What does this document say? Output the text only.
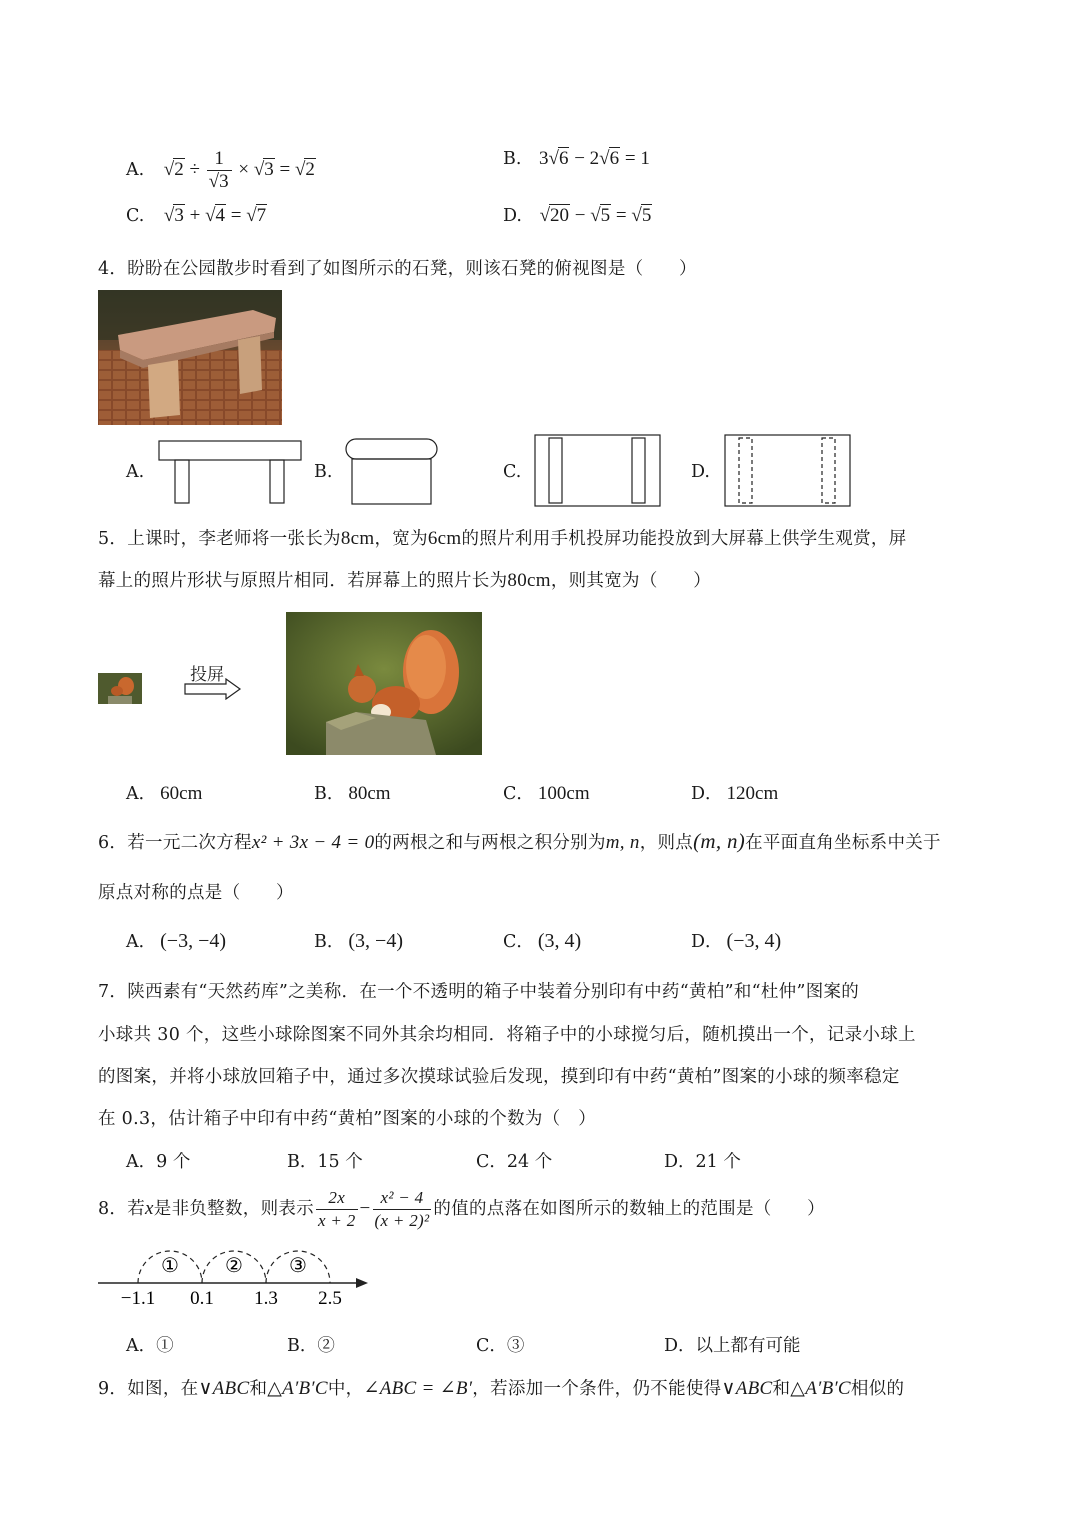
A. $√2 \div \frac{1}{√3} \times √3 = √2$	B. 3√6 − 2√6 = 1
C. √3 + √4 = √7	D. √20 − √5 = √5
4．盼盼在公园散步时看到了如图所示的石凳，则该石凳的俯视图是（　　）
A.	B.	C.	D.
5．上课时，李老师将一张长为8cm，宽为6cm的照片利用手机投屏功能投放到大屏幕上供学生观赏，屏
幕上的照片形状与原照片相同．若屏幕上的照片长为80cm，则其宽为（　　）
投屏
A． 60cm	B． 80cm	C． 100cm	D． 120cm
6．若一元二次方程x² + 3x − 4 = 0的两根之和与两根之积分别为m, n，则点(m, n)在平面直角坐标系中关于
原点对称的点是（　　）
A． (−3, −4)	B． (3, −4)	C． (3, 4)	D． (−3, 4)
7．陕西素有“天然药库”之美称．在一个不透明的箱子中装着分别印有中药“黄柏”和“杜仲”图案的
小球共 30 个，这些小球除图案不同外其余均相同．将箱子中的小球搅匀后，随机摸出一个，记录小球上
的图案，并将小球放回箱子中，通过多次摸球试验后发现，摸到印有中药“黄柏”图案的小球的频率稳定
在 0.3，估计箱子中印有中药“黄柏”图案的小球的个数为（　）
A．9 个	B．15 个	C．24 个	D．21 个
8．若x是非负整数，则表示 $\frac{2x}{x + 2} - \frac{\text{x² − 4}}{\text{(x + 2)²}}$ 的值的点落在如图所示的数轴上的范围是（　　）
① ② ③
−1.1 0.1 1.3 2.5
A．①	B．②	C．③	D．以上都有可能
9．如图，在∨ABC和△A′B′C中，∠ABC = ∠B′，若添加一个条件，仍不能使得∨ABC和△A′B′C相似的
